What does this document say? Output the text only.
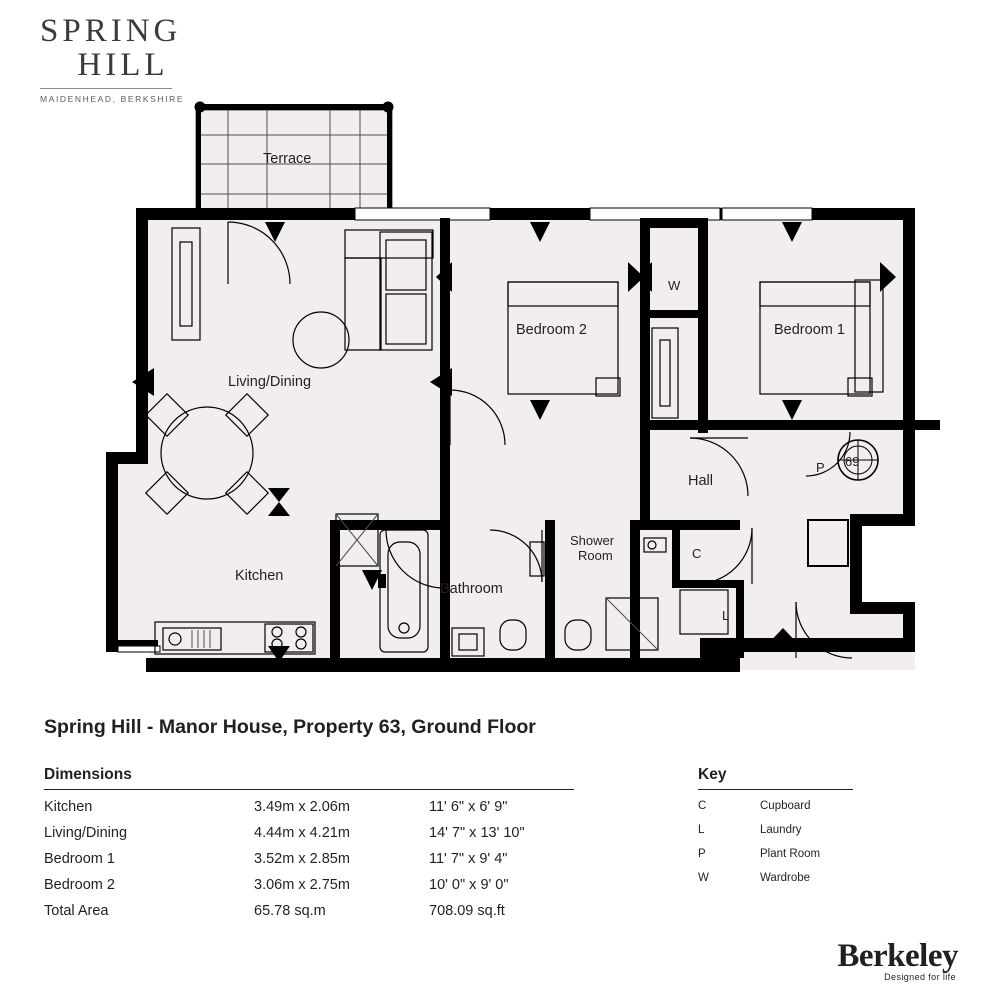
SPRING
HILL
MAIDENHEAD, BERKSHIRE
Terrace
Living/Dining
Kitchen
Bedroom 2	Bedroom 1
W
Hall
Bathroom
Shower
Room	C
L
P 69
Spring Hill - Manor House, Property 63, Ground Floor
Dimensions
Kitchen	3.49m x 2.06m	11' 6" x 6' 9"
Living/Dining	4.44m x 4.21m	14' 7" x 13' 10"
Bedroom 1	3.52m x 2.85m	11' 7" x 9' 4"
Bedroom 2	3.06m x 2.75m	10' 0" x 9' 0"
Total Area	65.78 sq.m	708.09 sq.ft
Key
C	Cupboard
L	Laundry
P	Plant Room
W	Wardrobe
Berkeley
Designed for life
